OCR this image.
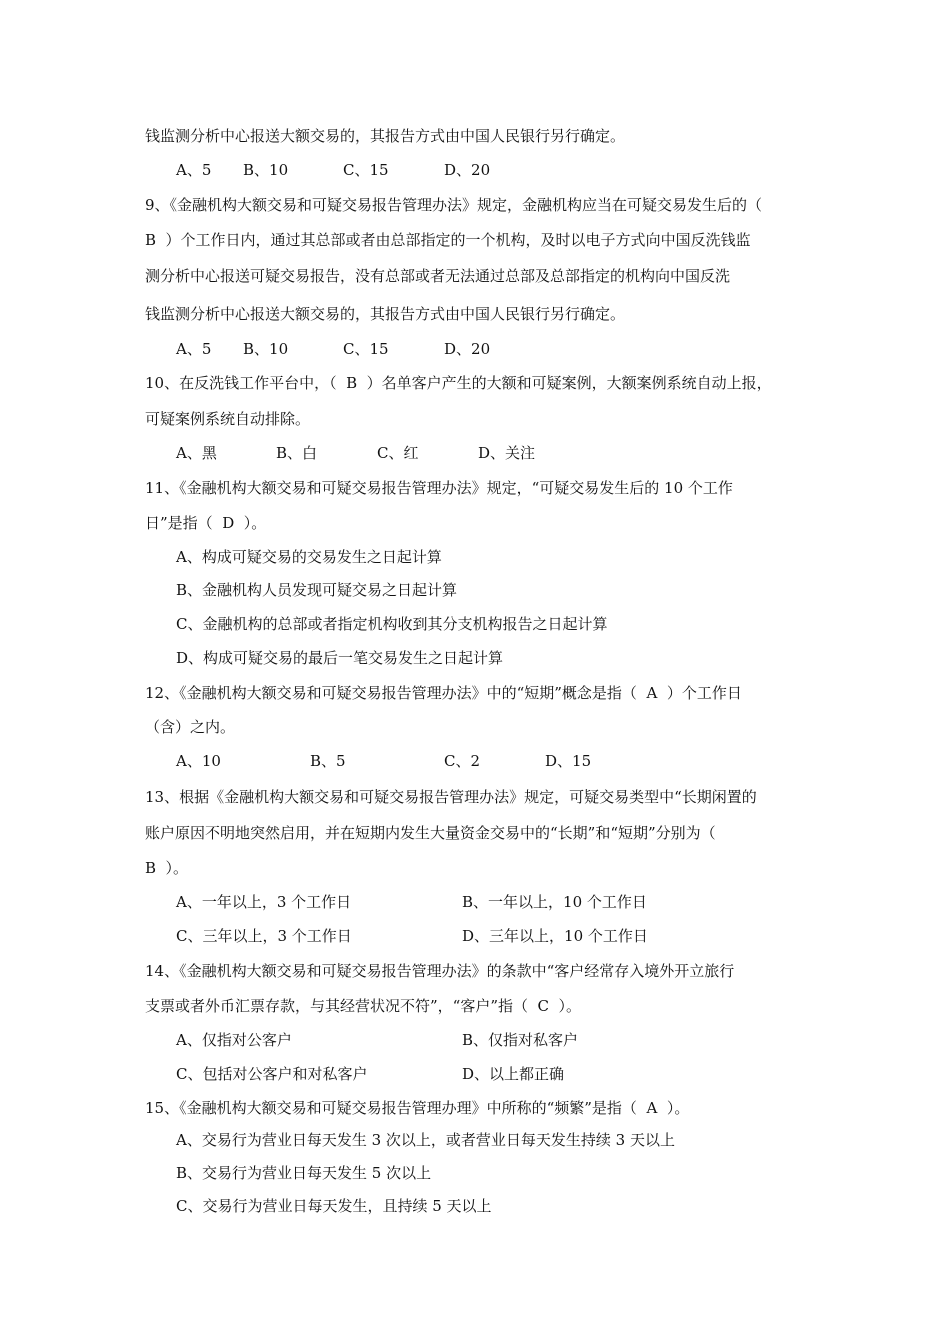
钱监测分析中心报送大额交易的，其报告方式由中国人民银行另行确定。
A、5 B、10	C、15	D、20
9、《金融机构大额交易和可疑交易报告管理办法》规定，金融机构应当在可疑交易发生后的（
B  ）个工作日内，通过其总部或者由总部指定的一个机构，及时以电子方式向中国反洗钱监
测分析中心报送可疑交易报告，没有总部或者无法通过总部及总部指定的机构向中国反洗
钱监测分析中心报送大额交易的，其报告方式由中国人民银行另行确定。
A、5 B、10	C、15	D、20
10、在反洗钱工作平台中，（  B  ）名单客户产生的大额和可疑案例，大额案例系统自动上报，
可疑案例系统自动排除。
A、黑	B、白	C、红	D、关注
11、《金融机构大额交易和可疑交易报告管理办法》规定，“可疑交易发生后的 10 个工作
日”是指（  D  ）。
A、构成可疑交易的交易发生之日起计算
B、金融机构人员发现可疑交易之日起计算
C、金融机构的总部或者指定机构收到其分支机构报告之日起计算
D、构成可疑交易的最后一笔交易发生之日起计算
12、《金融机构大额交易和可疑交易报告管理办法》中的“短期”概念是指（  A  ）个工作日
（含）之内。
A、10	B、5	C、2	D、15
13、根据《金融机构大额交易和可疑交易报告管理办法》规定，可疑交易类型中“长期闲置的
账户原因不明地突然启用，并在短期内发生大量资金交易中的“长期”和“短期”分别为（
B  ）。
A、一年以上，3 个工作日	B、一年以上，10 个工作日
C、三年以上，3 个工作日	D、三年以上，10 个工作日
14、《金融机构大额交易和可疑交易报告管理办法》的条款中“客户经常存入境外开立旅行
支票或者外币汇票存款，与其经营状况不符”，“客户”指（  C  ）。
A、仅指对公客户	B、仅指对私客户
C、包括对公客户和对私客户	D、以上都正确
15、《金融机构大额交易和可疑交易报告管理办理》中所称的“频繁”是指（  A  ）。
A、交易行为营业日每天发生 3 次以上，或者营业日每天发生持续 3 天以上
B、交易行为营业日每天发生 5 次以上
C、交易行为营业日每天发生，且持续 5 天以上
